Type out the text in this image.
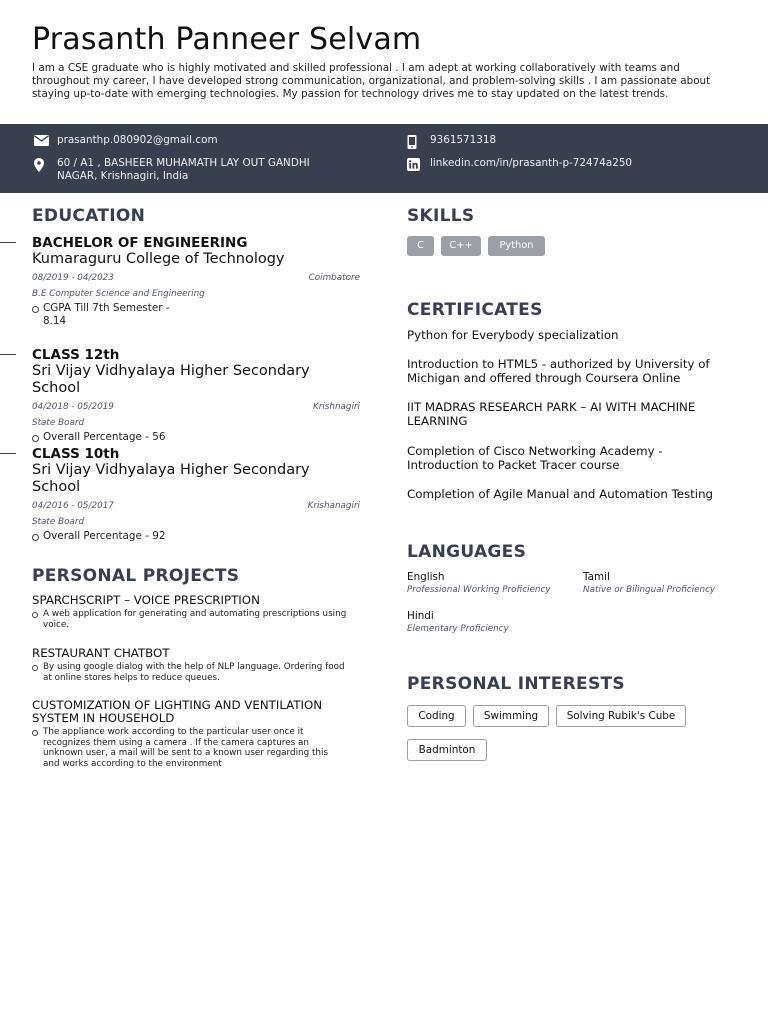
Prasanth Panneer Selvam
I am a CSE graduate who is highly motivated and skilled professional . I am adept at working collaboratively with teams and throughout my career, I have developed strong communication, organizational, and problem-solving skills . I am passionate about staying up-to-date with emerging technologies. My passion for technology drives me to stay updated on the latest trends.
prasanthp.080902@gmail.com	9361571318
60 / A1 , BASHEER MUHAMATH LAY OUT GANDHI NAGAR, Krishnagiri, India
linkedin.com/in/prasanth-p-72474a250
EDUCATION
BACHELOR OF ENGINEERING
Kumaraguru College of Technology
08/2019 - 04/2023	Coimbatore
B.E Computer Science and Engineering
CGPA Till 7th Semester - 8.14
CLASS 12th
Sri Vijay Vidhyalaya Higher Secondary School
04/2018 - 05/2019	Krishnagiri
State Board
Overall Percentage - 56
CLASS 10th
Sri Vijay Vidhyalaya Higher Secondary School
04/2016 - 05/2017	Krishanagiri
State Board
Overall Percentage - 92
PERSONAL PROJECTS
SPARCHSCRIPT – VOICE PRESCRIPTION
A web application for generating and automating prescriptions using voice.
RESTAURANT CHATBOT
By using google dialog with the help of NLP language. Ordering food at online stores helps to reduce queues.
CUSTOMIZATION OF LIGHTING AND VENTILATION SYSTEM IN HOUSEHOLD
The appliance work according to the particular user once it recognizes them using a camera . If the camera captures an unknown user, a mail will be sent to a known user regarding this and works according to the environment
SKILLS
C	C++	Python
CERTIFICATES
Python for Everybody specialization
Introduction to HTML5 - authorized by University of Michigan and offered through Coursera Online
IIT MADRAS RESEARCH PARK – AI WITH MACHINE LEARNING
Completion of Cisco Networking Academy - Introduction to Packet Tracer course
Completion of Agile Manual and Automation Testing
LANGUAGES
English
Professional Working Proficiency
Tamil
Native or Bilingual Proficiency
Hindi
Elementary Proficiency
PERSONAL INTERESTS
Coding	Swimming	Solving Rubik's Cube
Badminton
